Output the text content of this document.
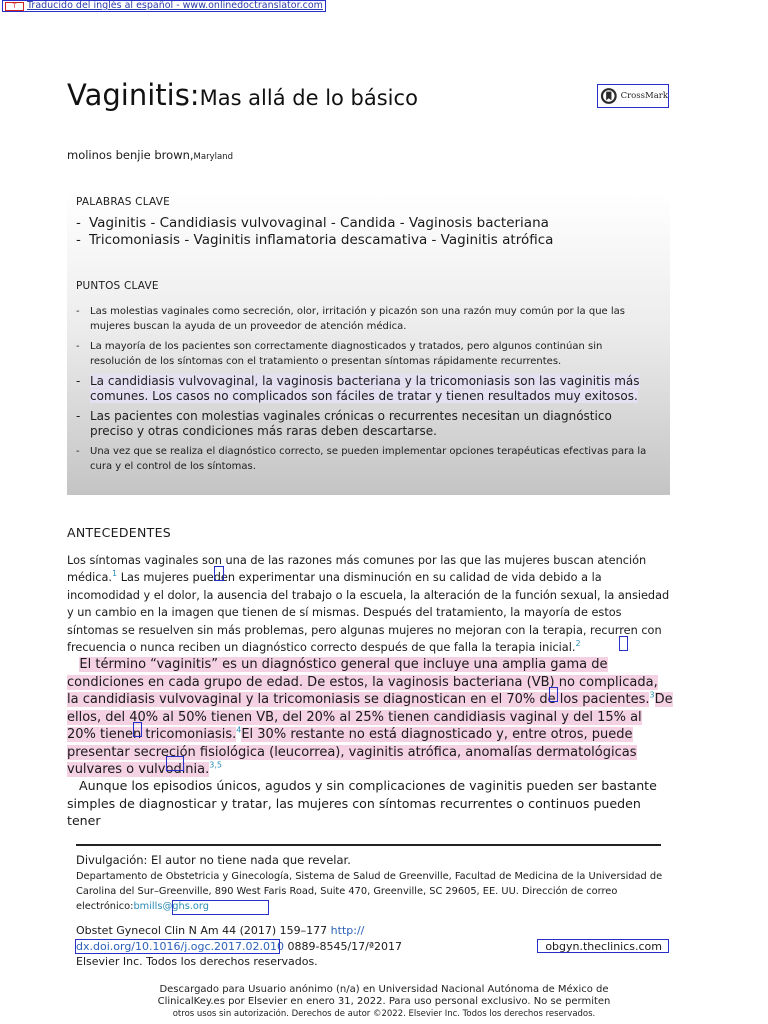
T	Traducido del inglés al español - www.onlinedoctranslator.com
Vaginitis:Mas allá de lo básico	CrossMark
molinos benjie brown,Maryland
PALABRAS CLAVE
- Vaginitis - Candidiasis vulvovaginal - Candida - Vaginosis bacteriana
- Tricomoniasis - Vaginitis inflamatoria descamativa - Vaginitis atrófica
PUNTOS CLAVE
- Las molestias vaginales como secreción, olor, irritación y picazón son una razón muy común por la que las mujeres buscan la ayuda de un proveedor de atención médica.
- La mayoría de los pacientes son correctamente diagnosticados y tratados, pero algunos continúan sin resolución de los síntomas con el tratamiento o presentan síntomas rápidamente recurrentes.
- La candidiasis vulvovaginal, la vaginosis bacteriana y la tricomoniasis son las vaginitis más comunes. Los casos no complicados son fáciles de tratar y tienen resultados muy exitosos.
- Las pacientes con molestias vaginales crónicas o recurrentes necesitan un diagnóstico preciso y otras condiciones más raras deben descartarse.
- Una vez que se realiza el diagnóstico correcto, se pueden implementar opciones terapéuticas efectivas para la cura y el control de los síntomas.
ANTECEDENTES
Los síntomas vaginales son una de las razones más comunes por las que las mujeres buscan atención médica.$^1$ Las mujeres pueden experimentar una disminución en su calidad de vida debido a la incomodidad y el dolor, la ausencia del trabajo o la escuela, la alteración de la función sexual, la ansiedad y un cambio en la imagen que tienen de sí mismas. Después del tratamiento, la mayoría de estos síntomas se resuelven sin más problemas, pero algunas mujeres no mejoran con la terapia, recurren con frecuencia o nunca reciben un diagnóstico correcto después de que falla la terapia inicial.$^2$
El término “vaginitis” es un diagnóstico general que incluye una amplia gama de condiciones en cada grupo de edad. De estos, la vaginosis bacteriana (VB) no complicada, la candidiasis vulvovaginal y la tricomoniasis se diagnostican en el 70% de los pacientes.$^3$De ellos, del 40% al 50% tienen VB, del 20% al 25% tienen candidiasis vaginal y del 15% al 20% tienen tricomoniasis.$^4$El 30% restante no está diagnosticado y, entre otros, puede presentar secreción fisiológica (leucorrea), vaginitis atrófica, anomalías dermatológicas vulvares o vulvodinia.$^{3,5}$
Aunque los episodios únicos, agudos y sin complicaciones de vaginitis pueden ser bastante simples de diagnosticar y tratar, las mujeres con síntomas recurrentes o continuos pueden tener
Divulgación: El autor no tiene nada que revelar.
Departamento de Obstetricia y Ginecología, Sistema de Salud de Greenville, Facultad de Medicina de la Universidad de Carolina del Sur–Greenville, 890 West Faris Road, Suite 470, Greenville, SC 29605, EE. UU. Dirección de correo electrónico:bmills@ghs.org
Obstet Gynecol Clin N Am 44 (2017) 159–177 http://
dx.doi.org/10.1016/j.ogc.2017.02.010 0889-8545/17/ª2017
Elsevier Inc. Todos los derechos reservados.
obgyn.theclinics.com
Descargado para Usuario anónimo (n/a) en Universidad Nacional Autónoma de México de
ClinicalKey.es por Elsevier en enero 31, 2022. Para uso personal exclusivo. No se permiten
otros usos sin autorización. Derechos de autor ©2022. Elsevier Inc. Todos los derechos reservados.
